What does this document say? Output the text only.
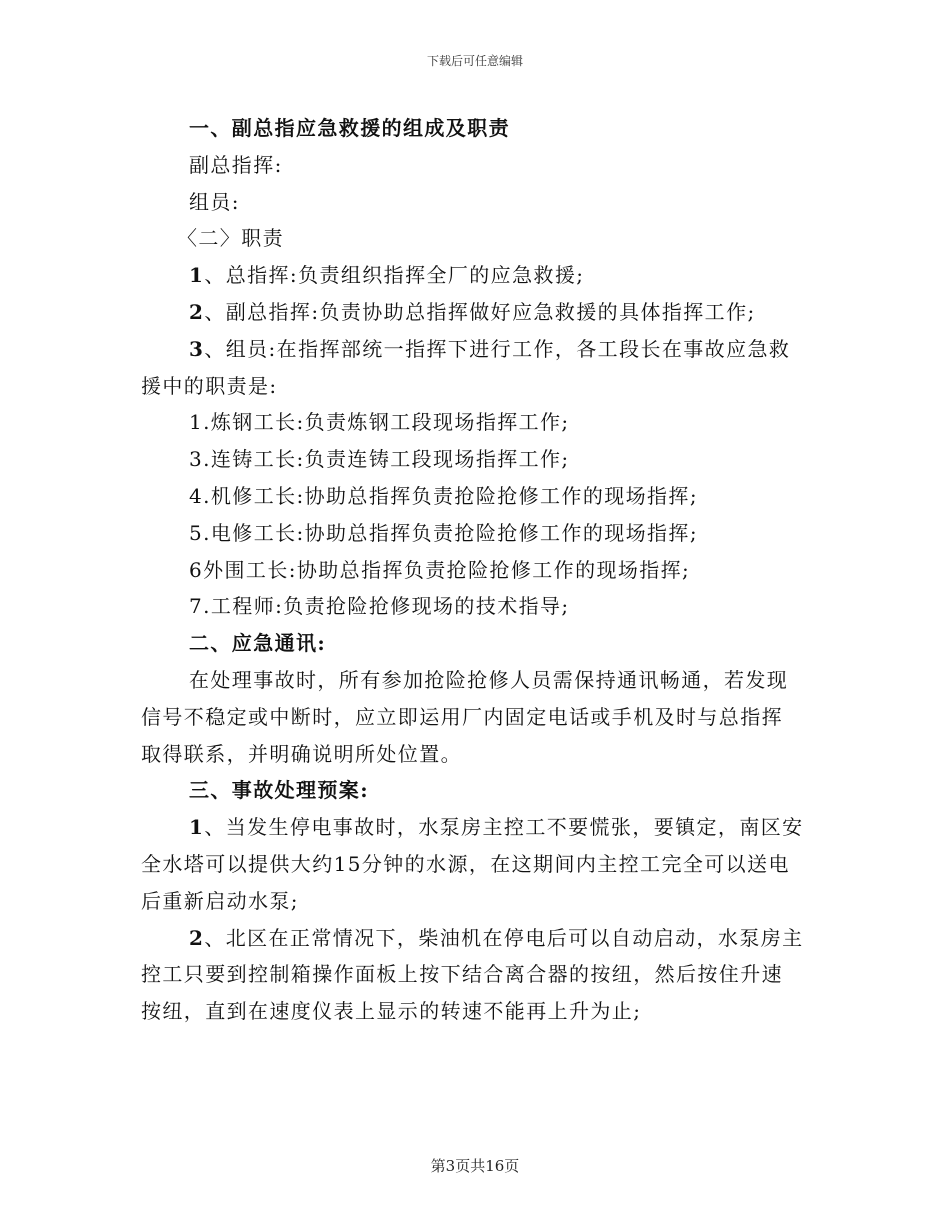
下载后可任意编辑
一、副总指应急救援的组成及职责
副总指挥:
组员:
〈二〉职责
1、总指挥:负责组织指挥全厂的应急救援;
2、副总指挥:负责协助总指挥做好应急救援的具体指挥工作;
3、组员:在指挥部统一指挥下进行工作，各工段长在事故应急救
援中的职责是:
1.炼钢工长:负责炼钢工段现场指挥工作;
3.连铸工长:负责连铸工段现场指挥工作;
4.机修工长:协助总指挥负责抢险抢修工作的现场指挥;
5.电修工长:协助总指挥负责抢险抢修工作的现场指挥;
6外围工长:协助总指挥负责抢险抢修工作的现场指挥;
7.工程师:负责抢险抢修现场的技术指导;
二、应急通讯:
在处理事故时，所有参加抢险抢修人员需保持通讯畅通，若发现
信号不稳定或中断时，应立即运用厂内固定电话或手机及时与总指挥
取得联系，并明确说明所处位置。
三、事故处理预案:
1、当发生停电事故时，水泵房主控工不要慌张，要镇定，南区安
全水塔可以提供大约15分钟的水源，在这期间内主控工完全可以送电
后重新启动水泵;
2、北区在正常情况下，柴油机在停电后可以自动启动，水泵房主
控工只要到控制箱操作面板上按下结合离合器的按纽，然后按住升速
按纽，直到在速度仪表上显示的转速不能再上升为止;
第3页共16页
